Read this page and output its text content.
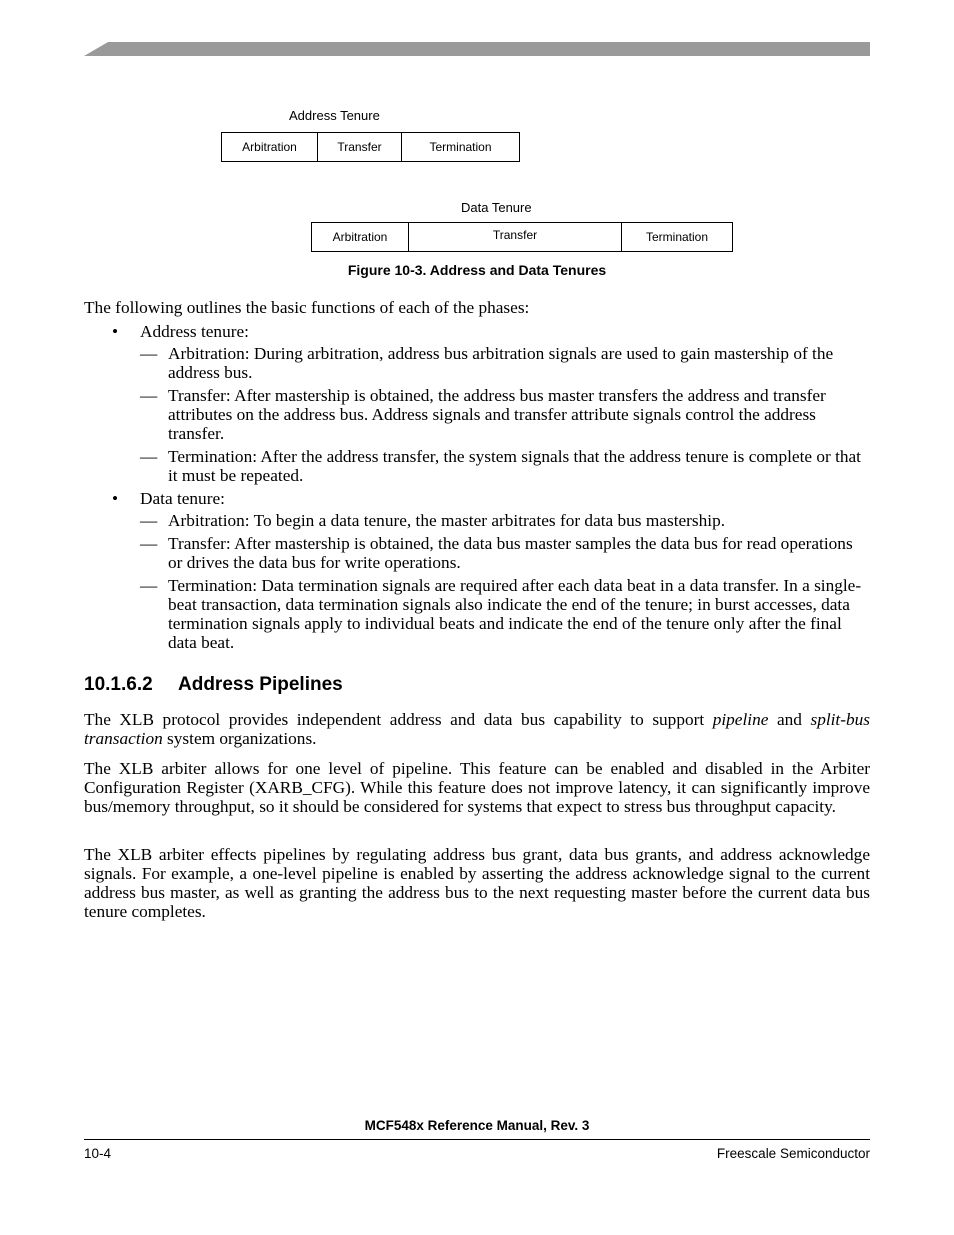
Address Tenure
Arbitration	Transfer	Termination
Data Tenure
Arbitration	Transfer	Termination
Figure 10-3. Address and Data Tenures
The following outlines the basic functions of each of the phases:
• Address tenure:
— Arbitration: During arbitration, address bus arbitration signals are used to gain mastership of the address bus.
— Transfer: After mastership is obtained, the address bus master transfers the address and transfer attributes on the address bus. Address signals and transfer attribute signals control the address transfer.
— Termination: After the address transfer, the system signals that the address tenure is complete or that it must be repeated.
• Data tenure:
— Arbitration: To begin a data tenure, the master arbitrates for data bus mastership.
— Transfer: After mastership is obtained, the data bus master samples the data bus for read operations or drives the data bus for write operations.
— Termination: Data termination signals are required after each data beat in a data transfer. In a single-beat transaction, data termination signals also indicate the end of the tenure; in burst accesses, data termination signals apply to individual beats and indicate the end of the tenure only after the final data beat.
10.1.6.2 Address Pipelines
The XLB protocol provides independent address and data bus capability to support pipeline and split-bus transaction system organizations.
The XLB arbiter allows for one level of pipeline. This feature can be enabled and disabled in the Arbiter Configuration Register (XARB_CFG). While this feature does not improve latency, it can significantly improve bus/memory throughput, so it should be considered for systems that expect to stress bus throughput capacity.
The XLB arbiter effects pipelines by regulating address bus grant, data bus grants, and address acknowledge signals. For example, a one-level pipeline is enabled by asserting the address acknowledge signal to the current address bus master, as well as granting the address bus to the next requesting master before the current data bus tenure completes.
MCF548x Reference Manual, Rev. 3
10-4	Freescale Semiconductor
